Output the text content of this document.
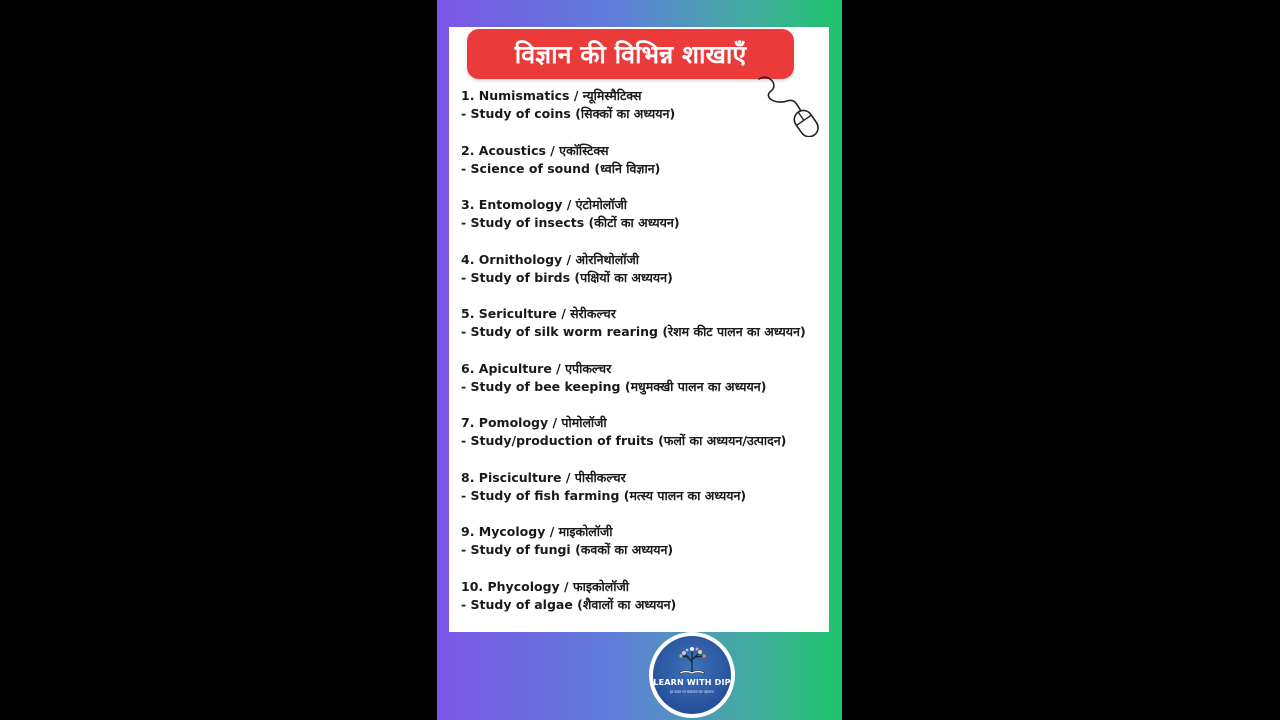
विज्ञान की विभिन्न शाखाएँ
1. Numismatics / न्यूमिस्मैटिक्स
- Study of coins (सिक्कों का अध्ययन)
2. Acoustics / एकॉस्टिक्स
- Science of sound (ध्वनि विज्ञान)
3. Entomology / एंटोमोलॉजी
- Study of insects (कीटों का अध्ययन)
4. Ornithology / ओरनिथोलॉजी
- Study of birds (पक्षियों का अध्ययन)
5. Sericulture / सेरीकल्चर
- Study of silk worm rearing (रेशम कीट पालन का अध्ययन)
6. Apiculture / एपीकल्चर
- Study of bee keeping (मधुमक्खी पालन का अध्ययन)
7. Pomology / पोमोलॉजी
- Study/production of fruits (फलों का अध्ययन/उत्पादन)
8. Pisciculture / पीसीकल्चर
- Study of fish farming (मत्स्य पालन का अध्ययन)
9. Mycology / माइकोलॉजी
- Study of fungi (कवकों का अध्ययन)
10. Phycology / फाइकोलॉजी
- Study of algae (शैवालों का अध्ययन)
LEARN WITH DIP
हर कदम पर सफलता का पहचान।
